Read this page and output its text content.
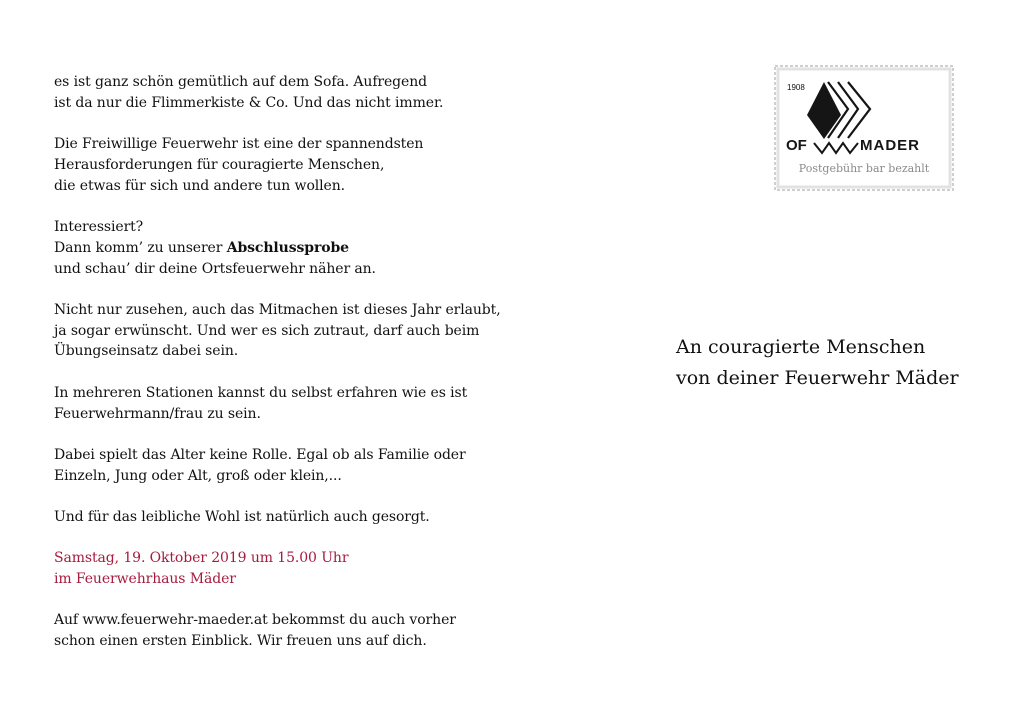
es ist ganz schön gemütlich auf dem Sofa. Aufregend
ist da nur die Flimmerkiste & Co. Und das nicht immer.

Die Freiwillige Feuerwehr ist eine der spannendsten
Herausforderungen für couragierte Menschen,
die etwas für sich und andere tun wollen.

Interessiert?
Dann komm’ zu unserer Abschlussprobe
und schau’ dir deine Ortsfeuerwehr näher an.

Nicht nur zusehen, auch das Mitmachen ist dieses Jahr erlaubt,
ja sogar erwünscht. Und wer es sich zutraut, darf auch beim
Übungseinsatz dabei sein.

In mehreren Stationen kannst du selbst erfahren wie es ist
Feuerwehrmann/frau zu sein.

Dabei spielt das Alter keine Rolle. Egal ob als Familie oder
Einzeln, Jung oder Alt, groß oder klein,...

Und für das leibliche Wohl ist natürlich auch gesorgt.

Samstag, 19. Oktober 2019 um 15.00 Uhr
im Feuerwehrhaus Mäder

Auf www.feuerwehr-maeder.at bekommst du auch vorher
schon einen ersten Einblick. Wir freuen uns auf dich.

1908
OF	MADER
Postgebühr bar bezahlt
An couragierte Menschen
von deiner Feuerwehr Mäder
